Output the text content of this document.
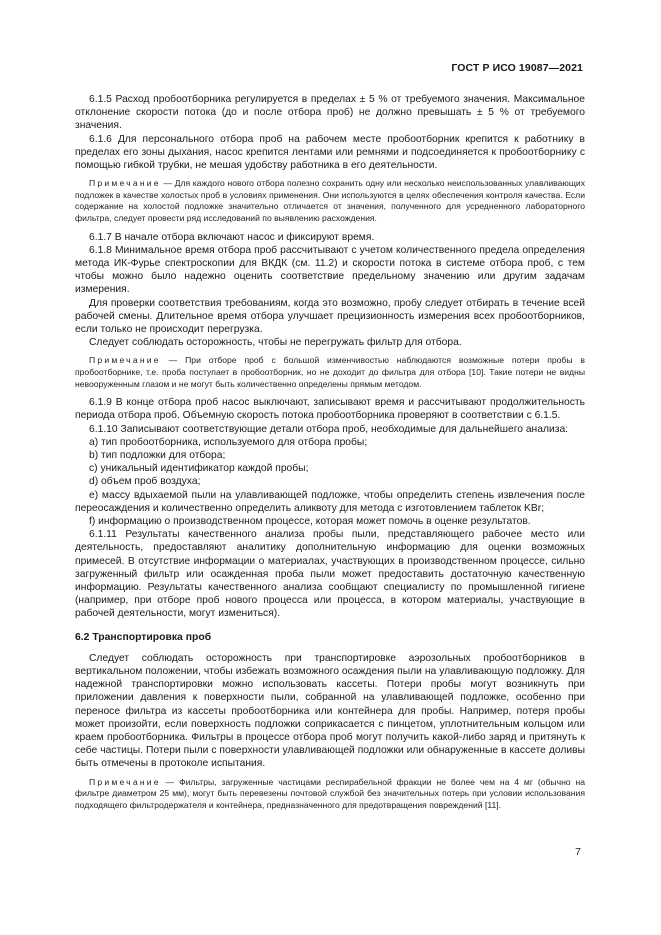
ГОСТ Р ИСО 19087—2021

6.1.5 Расход пробоотборника регулируется в пределах ± 5 % от требуемого значения. Максимальное отклонение скорости потока (до и после отбора проб) не должно превышать ± 5 % от требуемого значения.

6.1.6 Для персонального отбора проб на рабочем месте пробоотборник крепится к работнику в пределах его зоны дыхания, насос крепится лентами или ремнями и подсоединяется к пробоотборнику с помощью гибкой трубки, не мешая удобству работника в его деятельности.

Примечание — Для каждого нового отбора полезно сохранить одну или несколько неиспользованных улавливающих подложек в качестве холостых проб в условиях применения. Они используются в целях обеспечения контроля качества. Если содержание на холостой подложке значительно отличается от значения, полученного для усредненного лабораторного фильтра, следует провести ряд исследований по выявлению расхождения.

6.1.7 В начале отбора включают насос и фиксируют время.

6.1.8 Минимальное время отбора проб рассчитывают с учетом количественного предела определения метода ИК-Фурье спектроскопии для ВКДК (см. 11.2) и скорости потока в системе отбора проб, с тем чтобы можно было надежно оценить соответствие предельному значению или другим задачам измерения.

Для проверки соответствия требованиям, когда это возможно, пробу следует отбирать в течение всей рабочей смены. Длительное время отбора улучшает прецизионность измерения всех пробоотборников, если только не происходит перегрузка.

Следует соблюдать осторожность, чтобы не перегружать фильтр для отбора.

Примечание — При отборе проб с большой изменчивостью наблюдаются возможные потери пробы в пробоотборнике, т.е. проба поступает в пробоотборник, но не доходит до фильтра для отбора [10]. Такие потери не видны невооруженным глазом и не могут быть количественно определены прямым методом.

6.1.9 В конце отбора проб насос выключают, записывают время и рассчитывают продолжительность периода отбора проб. Объемную скорость потока пробоотборника проверяют в соответствии с 6.1.5.

6.1.10 Записывают соответствующие детали отбора проб, необходимые для дальнейшего анализа:

a) тип пробоотборника, используемого для отбора пробы;

b) тип подложки для отбора;

c) уникальный идентификатор каждой пробы;

d) объем проб воздуха;

e) массу вдыхаемой пыли на улавливающей подложке, чтобы определить степень извлечения после переосаждения и количественно определить аликвоту для метода с изготовлением таблеток KBr;

f) информацию о производственном процессе, которая может помочь в оценке результатов.

6.1.11 Результаты качественного анализа пробы пыли, представляющего рабочее место или деятельность, предоставляют аналитику дополнительную информацию для оценки возможных примесей. В отсутствие информации о материалах, участвующих в производственном процессе, сильно загруженный фильтр или осажденная проба пыли может предоставить достаточную качественную информацию. Результаты качественного анализа сообщают специалисту по промышленной гигиене (например, при отборе проб нового процесса или процесса, в котором материалы, участвующие в рабочей деятельности, могут измениться).

6.2 Транспортировка проб

Следует соблюдать осторожность при транспортировке аэрозольных пробоотборников в вертикальном положении, чтобы избежать возможного осаждения пыли на улавливающую подложку. Для надежной транспортировки можно использовать кассеты. Потери пробы могут возникнуть при приложении давления к поверхности пыли, собранной на улавливающей подложке, особенно при переносе фильтра из кассеты пробоотборника или контейнера для пробы. Например, потеря пробы может произойти, если поверхность подложки соприкасается с пинцетом, уплотнительным кольцом или краем пробоотборника. Фильтры в процессе отбора проб могут получить какой-либо заряд и притянуть к себе частицы. Потери пыли с поверхности улавливающей подложки или обнаруженные в кассете доливы быть отмечены в протоколе испытания.

Примечание — Фильтры, загруженные частицами респирабельной фракции не более чем на 4 мг (обычно на фильтре диаметром 25 мм), могут быть перевезены почтовой службой без значительных потерь при условии использования подходящего фильтродержателя и контейнера, предназначенного для предотвращения повреждений [11].

7
